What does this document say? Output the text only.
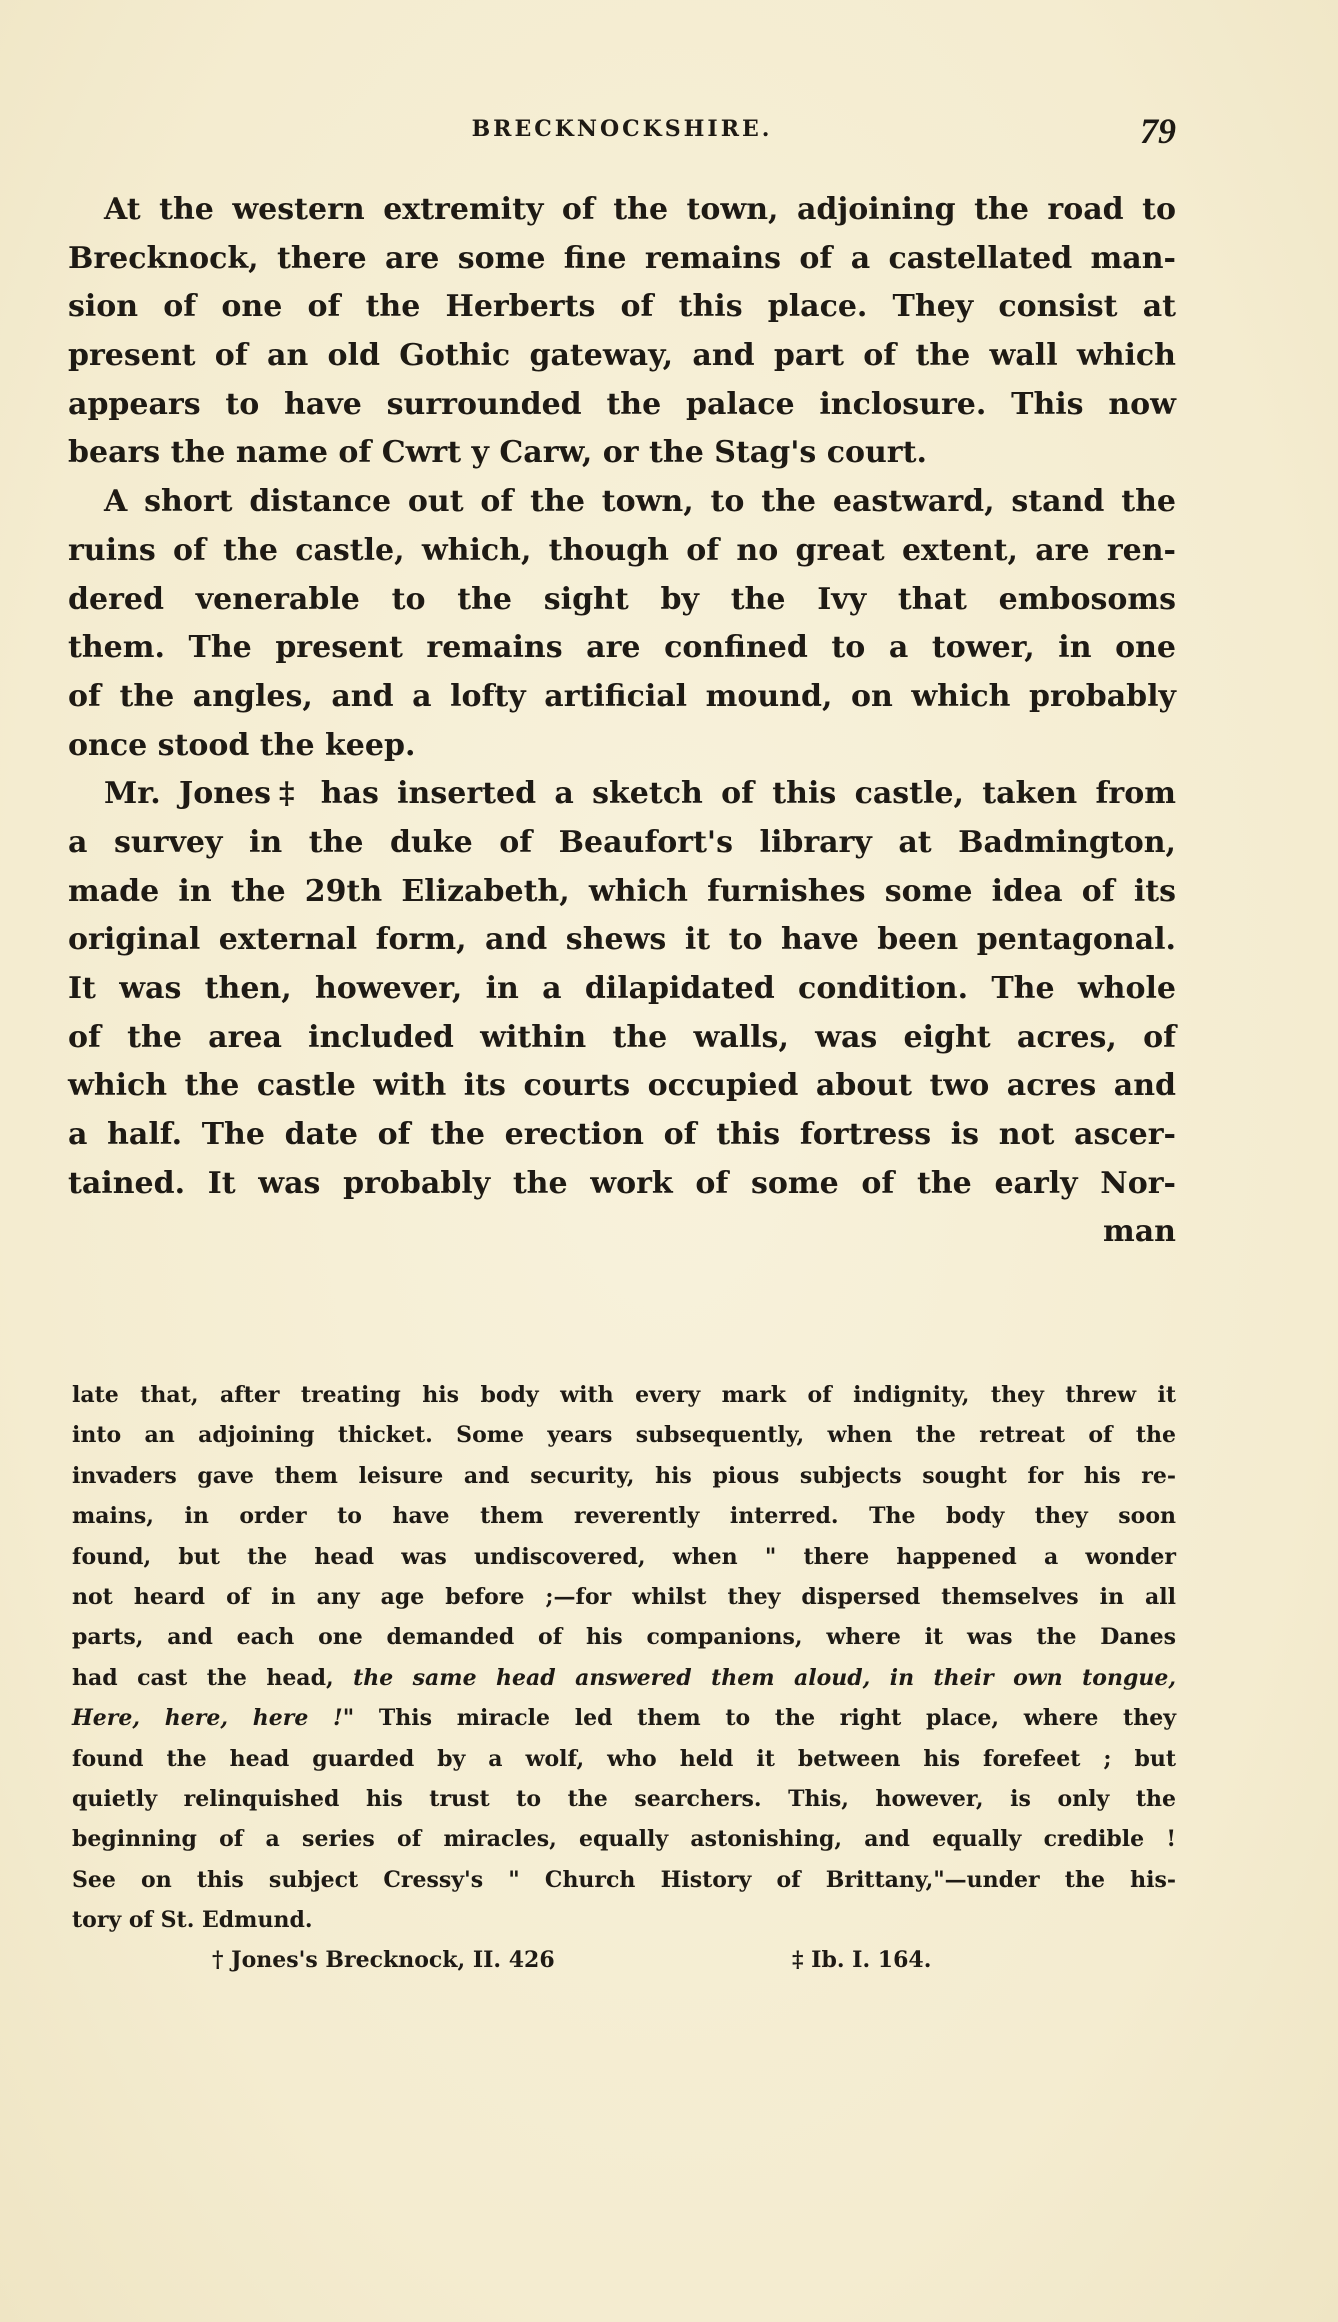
BRECKNOCKSHIRE.	79
At the western extremity of the town, adjoining the road to
Brecknock, there are some fine remains of a castellated man-
sion of one of the Herberts of this place. They consist at
present of an old Gothic gateway, and part of the wall which
appears to have surrounded the palace inclosure. This now
bears the name of Cwrt y Carw, or the Stag's court.
A short distance out of the town, to the eastward, stand the
ruins of the castle, which, though of no great extent, are ren-
dered venerable to the sight by the Ivy that embosoms
them. The present remains are confined to a tower, in one
of the angles, and a lofty artificial mound, on which probably
once stood the keep.
Mr. Jones‡ has inserted a sketch of this castle, taken from
a survey in the duke of Beaufort's library at Badmington,
made in the 29th Elizabeth, which furnishes some idea of its
original external form, and shews it to have been pentagonal.
It was then, however, in a dilapidated condition. The whole
of the area included within the walls, was eight acres, of
which the castle with its courts occupied about two acres and
a half. The date of the erection of this fortress is not ascer-
tained. It was probably the work of some of the early Nor-
man
late that, after treating his body with every mark of indignity, they threw it
into an adjoining thicket. Some years subsequently, when the retreat of the
invaders gave them leisure and security, his pious subjects sought for his re-
mains, in order to have them reverently interred. The body they soon
found, but the head was undiscovered, when " there happened a wonder
not heard of in any age before ;—for whilst they dispersed themselves in all
parts, and each one demanded of his companions, where it was the Danes
had cast the head, the same head answered them aloud, in their own tongue,
Here, here, here !" This miracle led them to the right place, where they
found the head guarded by a wolf, who held it between his forefeet ; but
quietly relinquished his trust to the searchers. This, however, is only the
beginning of a series of miracles, equally astonishing, and equally credible !
See on this subject Cressy's " Church History of Brittany,"—under the his-
tory of St. Edmund.
† Jones's Brecknock, II. 426	‡ Ib. I. 164.
